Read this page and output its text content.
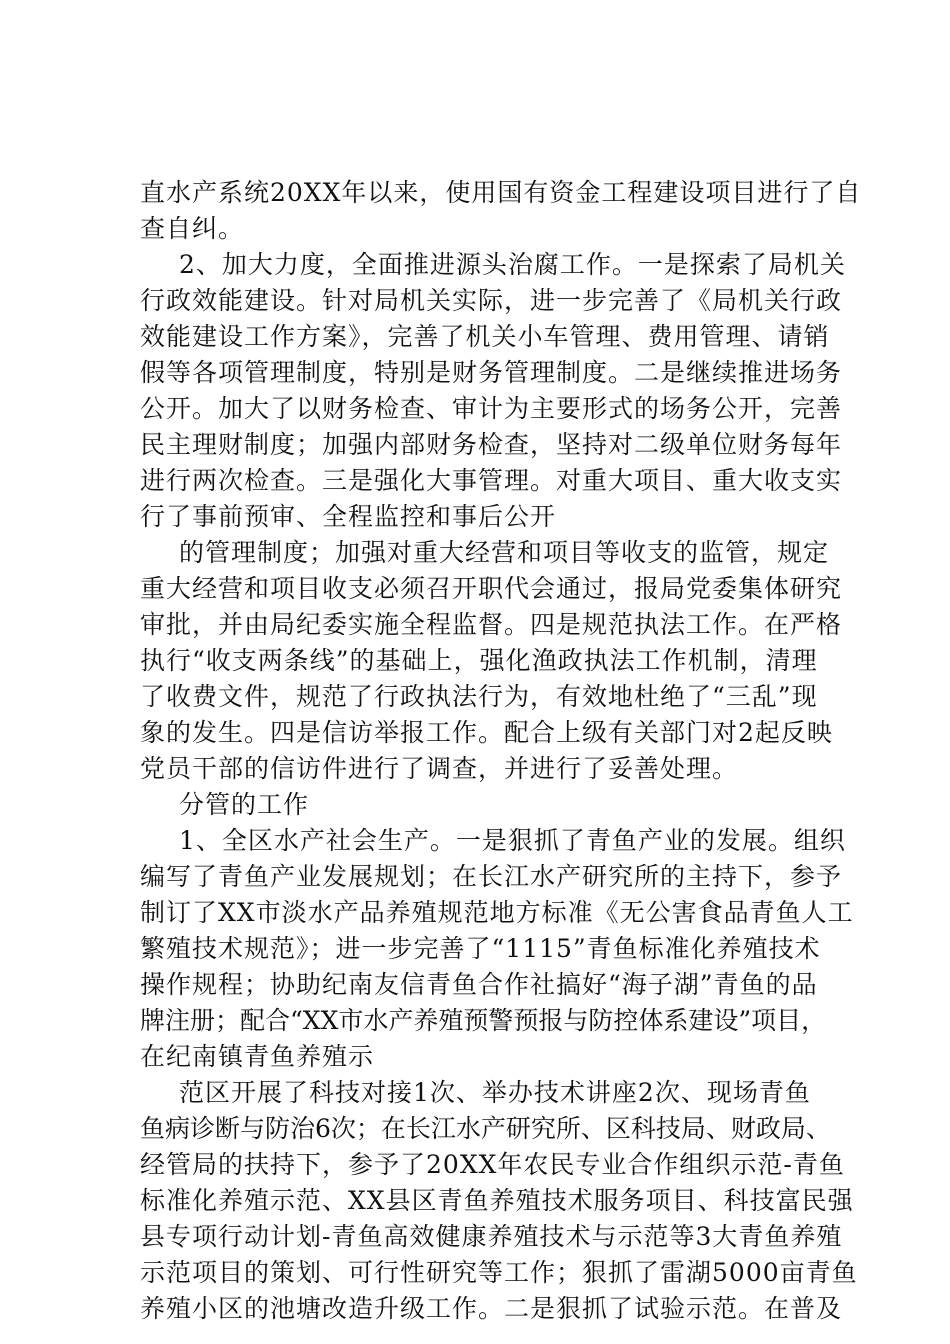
直水产系统20XX年以来，使用国有资金工程建设项目进行了自
查自纠。
2、加大力度，全面推进源头治腐工作。一是探索了局机关
行政效能建设。针对局机关实际，进一步完善了《局机关行政
效能建设工作方案》，完善了机关小车管理、费用管理、请销
假等各项管理制度，特别是财务管理制度。二是继续推进场务
公开。加大了以财务检查、审计为主要形式的场务公开，完善
民主理财制度；加强内部财务检查，坚持对二级单位财务每年
进行两次检查。三是强化大事管理。对重大项目、重大收支实
行了事前预审、全程监控和事后公开
的管理制度；加强对重大经营和项目等收支的监管，规定
重大经营和项目收支必须召开职代会通过，报局党委集体研究
审批，并由局纪委实施全程监督。四是规范执法工作。在严格
执行“收支两条线”的基础上，强化渔政执法工作机制，清理
了收费文件，规范了行政执法行为，有效地杜绝了“三乱”现
象的发生。四是信访举报工作。配合上级有关部门对2起反映
党员干部的信访件进行了调查，并进行了妥善处理。
分管的工作
1、全区水产社会生产。一是狠抓了青鱼产业的发展。组织
编写了青鱼产业发展规划；在长江水产研究所的主持下，参予
制订了XX市淡水产品养殖规范地方标准《无公害食品青鱼人工
繁殖技术规范》；进一步完善了“1115”青鱼标准化养殖技术
操作规程；协助纪南友信青鱼合作社搞好“海子湖”青鱼的品
牌注册；配合“XX市水产养殖预警预报与防控体系建设”项目，
在纪南镇青鱼养殖示
范区开展了科技对接1次、举办技术讲座2次、现场青鱼
鱼病诊断与防治6次；在长江水产研究所、区科技局、财政局、
经管局的扶持下，参予了20XX年农民专业合作组织示范-青鱼
标准化养殖示范、XX县区青鱼养殖技术服务项目、科技富民强
县专项行动计划-青鱼高效健康养殖技术与示范等3大青鱼养殖
示范项目的策划、可行性研究等工作；狠抓了雷湖5000亩青鱼
养殖小区的池塘改造升级工作。二是狠抓了试验示范。在普及
